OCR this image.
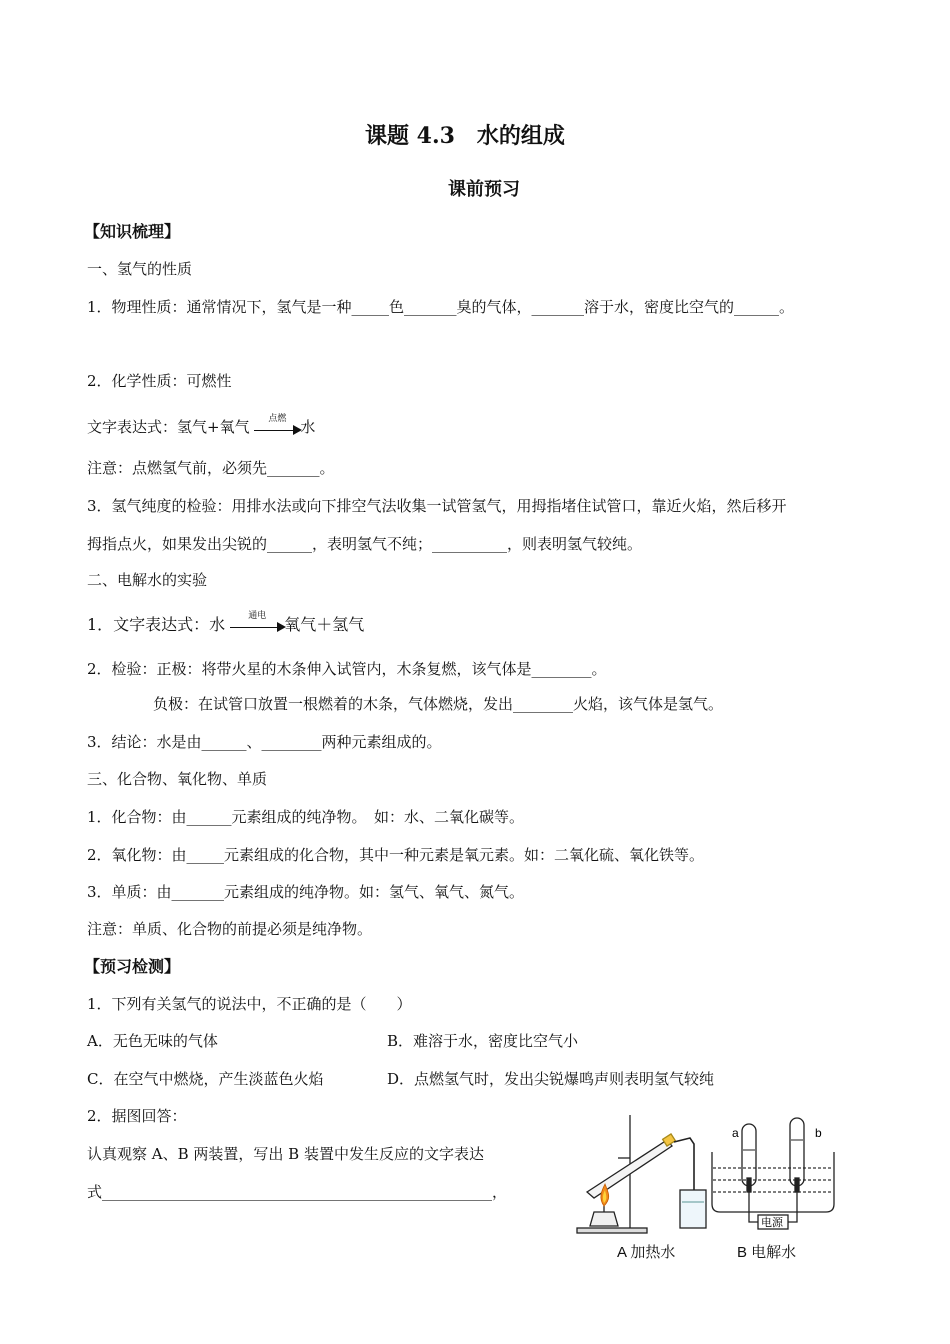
课题 4.3　水的组成
课前预习
【知识梳理】
一、氢气的性质
1．物理性质：通常情况下，氢气是一种_____色_______臭的气体，_______溶于水，密度比空气的______。
2．化学性质：可燃性
文字表达式：氢气+氧气	点燃 水
注意：点燃氢气前，必须先_______。
3．氢气纯度的检验：用排水法或向下排空气法收集一试管氢气，用拇指堵住试管口，靠近火焰，然后移开
拇指点火，如果发出尖锐的______，表明氢气不纯；__________，则表明氢气较纯。
二、电解水的实验
1．文字表达式：水	通电	氧气＋氢气
2．检验：正极：将带火星的木条伸入试管内，木条复燃，该气体是________。
负极：在试管口放置一根燃着的木条，气体燃烧，发出________火焰，该气体是氢气。
3．结论：水是由______、________两种元素组成的。
三、化合物、氧化物、单质
1．化合物：由______元素组成的纯净物。　如：水、二氧化碳等。
2．氧化物：由_____元素组成的化合物，其中一种元素是氧元素。如：二氧化硫、氧化铁等。
3．单质：由_______元素组成的纯净物。如：氢气、氧气、氮气。
注意：单质、化合物的前提必须是纯净物。
【预习检测】
1．下列有关氢气的说法中，不正确的是（　　）
A．无色无味的气体	B．难溶于水，密度比空气小
C．在空气中燃烧，产生淡蓝色火焰	D．点燃氢气时，发出尖锐爆鸣声则表明氢气较纯
2．据图回答：
认真观察 A、B 两装置，写出 B 装置中发生反应的文字表达
式____________________________________________________，
a	b
电源
A 加热水	B 电解水
